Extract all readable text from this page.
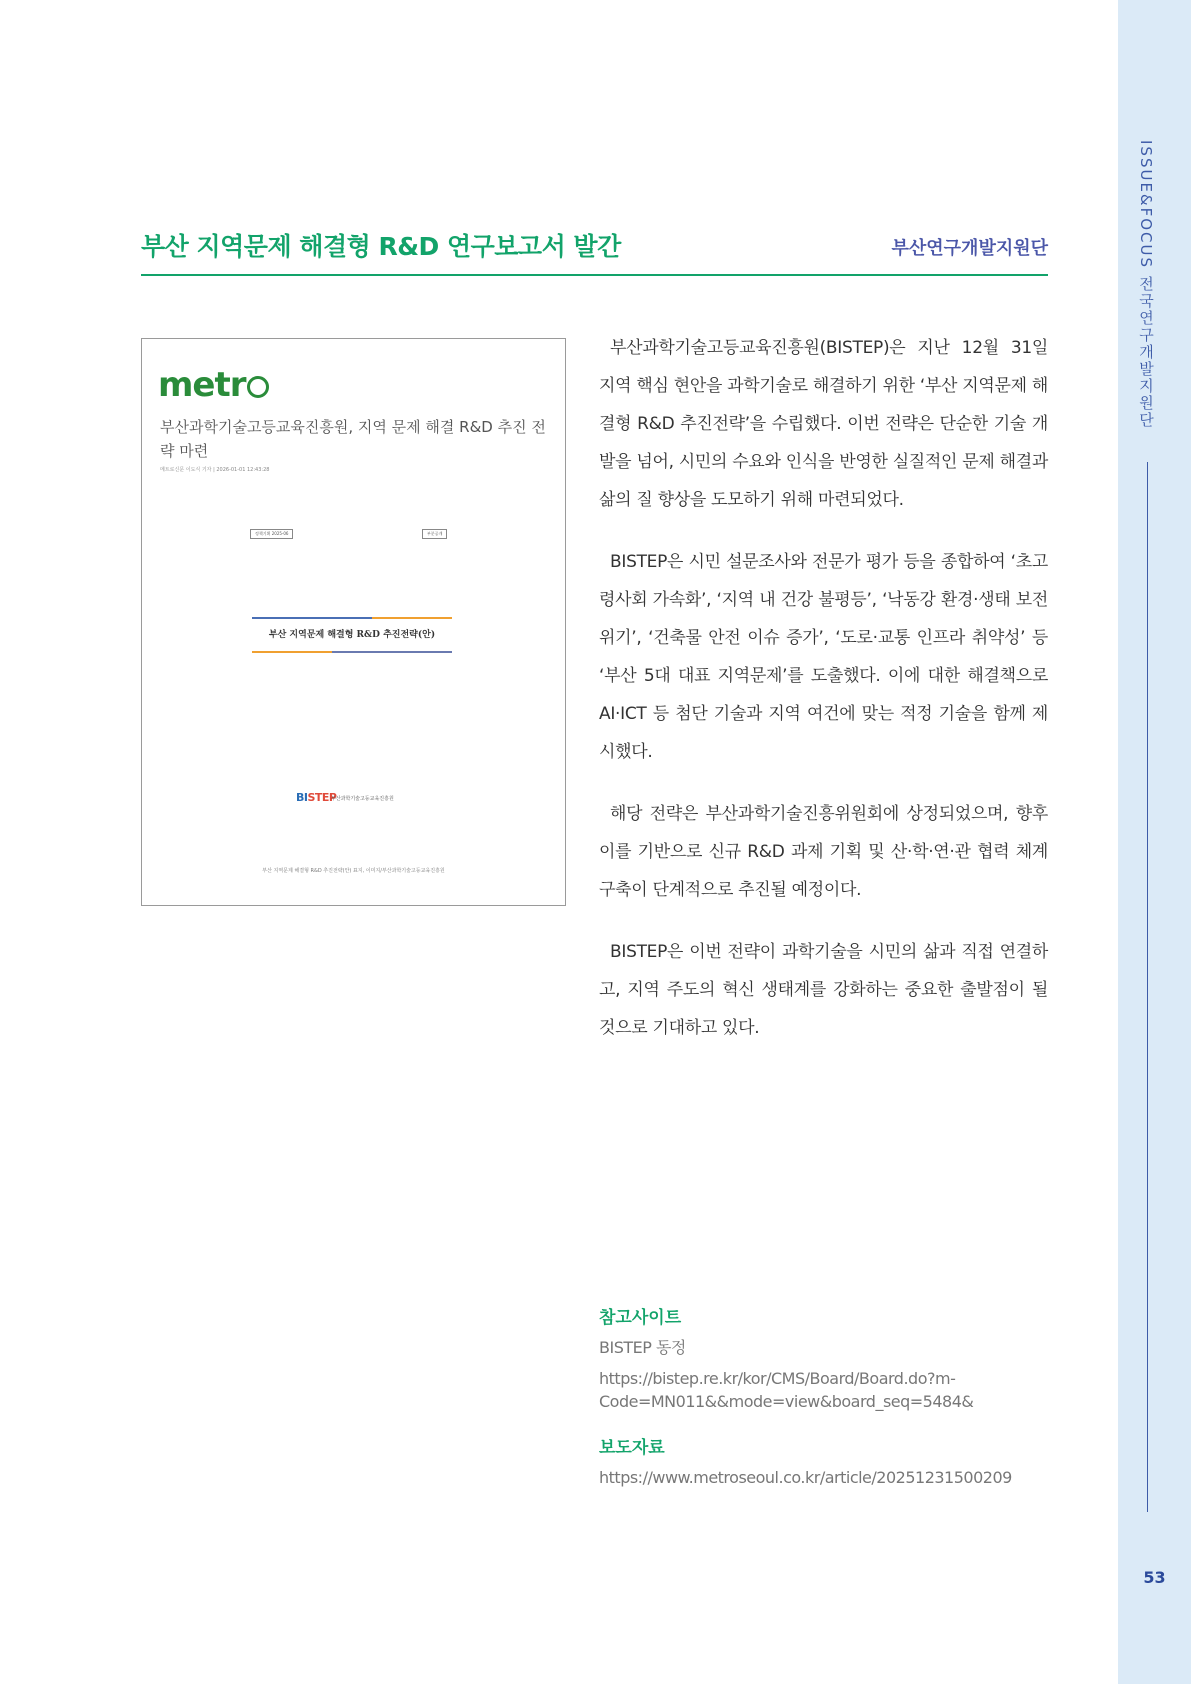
ISSUE&FOCUS 전국연구개발지원단
53
부산 지역문제 해결형 R&D 연구보고서 발간	부산연구개발지원단
metr
부산과학기술고등교육진흥원, 지역 문제 해결 R&D 추진 전략 마련
메트로신문 이도식 기자 | 2026-01-01 12:43:28
정책기획 2025-06	부분공개
부산 지역문제 해결형 R&D 추진전략(안)
BISTEP
부산과학기술고등교육진흥원
부산 지역문제 해결형 R&D 추진전략(안) 표지, 이미지/부산과학기술고등교육진흥원

부산과학기술고등교육진흥원(BISTEP)은 지난 12월 31일 지역 핵심 현안을 과학기술로 해결하기 위한 ‘부산 지역문제 해결형 R&D 추진전략’을 수립했다. 이번 전략은 단순한 기술 개발을 넘어, 시민의 수요와 인식을 반영한 실질적인 문제 해결과 삶의 질 향상을 도모하기 위해 마련되었다.

BISTEP은 시민 설문조사와 전문가 평가 등을 종합하여 ‘초고령사회 가속화’, ‘지역 내 건강 불평등’, ‘낙동강 환경·생태 보전 위기’, ‘건축물 안전 이슈 증가’, ‘도로·교통 인프라 취약성’ 등 ‘부산 5대 대표 지역문제’를 도출했다. 이에 대한 해결책으로 AI·ICT 등 첨단 기술과 지역 여건에 맞는 적정 기술을 함께 제시했다.

해당 전략은 부산과학기술진흥위원회에 상정되었으며, 향후 이를 기반으로 신규 R&D 과제 기획 및 산·학·연·관 협력 체계 구축이 단계적으로 추진될 예정이다.

BISTEP은 이번 전략이 과학기술을 시민의 삶과 직접 연결하고, 지역 주도의 혁신 생태계를 강화하는 중요한 출발점이 될 것으로 기대하고 있다.

참고사이트

BISTEP 동정

https://bistep.re.kr/kor/CMS/Board/Board.do?m-

Code=MN011&&mode=view&board_seq=5484&

보도자료

https://www.metroseoul.co.kr/article/20251231500209
